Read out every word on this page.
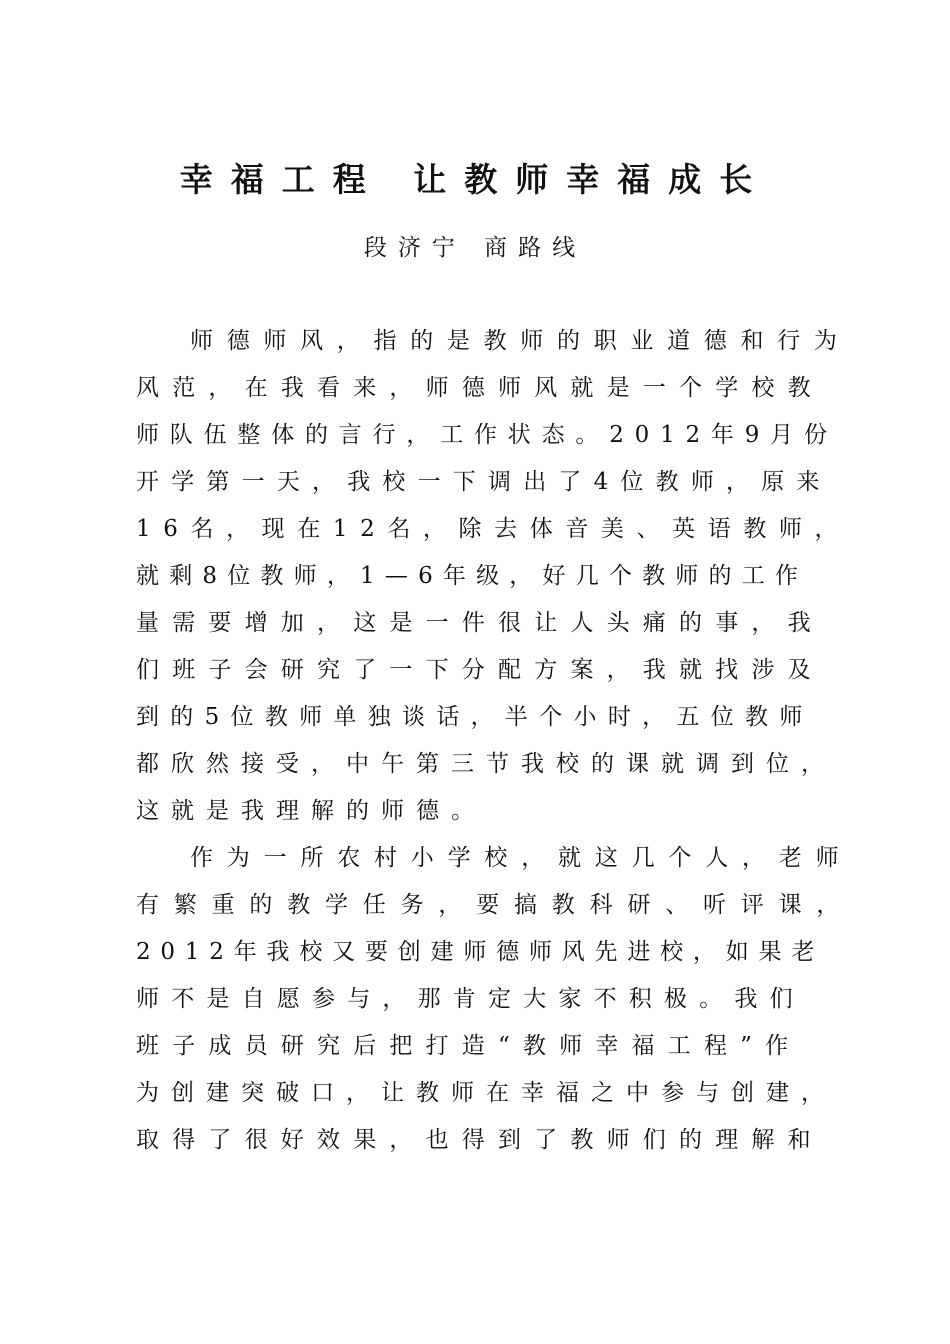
幸福工程 让教师幸福成长
段济宁 商路线
师德师风，指的是教师的职业道德和行为
风范，在我看来，师德师风就是一个学校教
师队伍整体的言行，工作状态。2012年9月份
开学第一天，我校一下调出了4位教师，原来
16名，现在12名，除去体音美、英语教师，
就剩8位教师，1—6年级，好几个教师的工作
量需要增加，这是一件很让人头痛的事，我
们班子会研究了一下分配方案，我就找涉及
到的5位教师单独谈话，半个小时，五位教师
都欣然接受，中午第三节我校的课就调到位，
这就是我理解的师德。
作为一所农村小学校，就这几个人，老师
有繁重的教学任务，要搞教科研、听评课，
2012年我校又要创建师德师风先进校，如果老
师不是自愿参与，那肯定大家不积极。我们
班子成员研究后把打造“教师幸福工程”作
为创建突破口，让教师在幸福之中参与创建，
取得了很好效果，也得到了教师们的理解和
